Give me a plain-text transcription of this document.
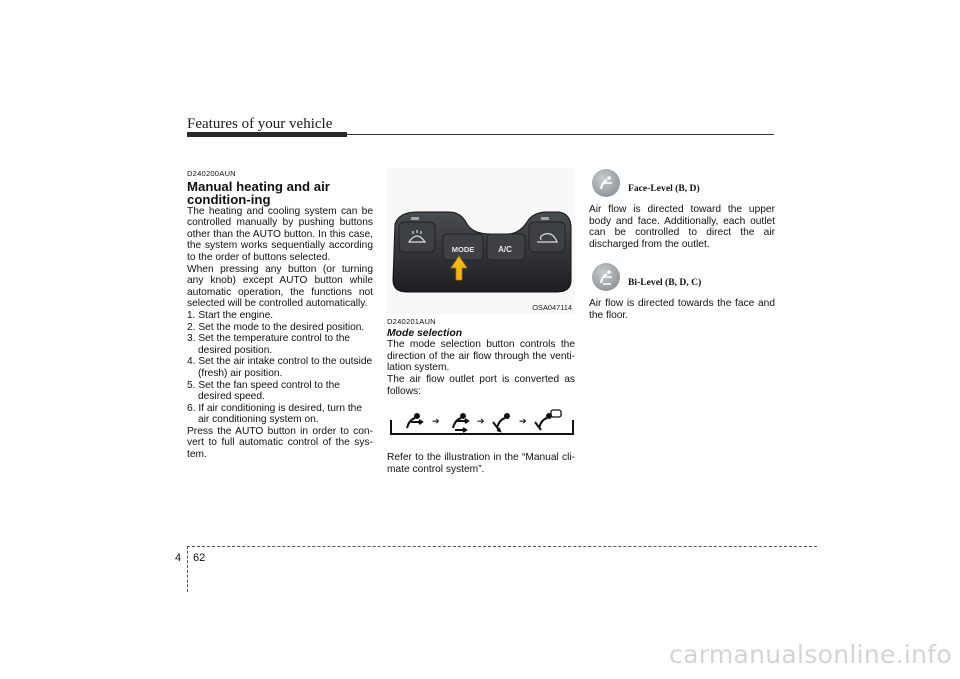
Features of your vehicle

D240200AUN

Manual heating and air condition-ing

The heating and cooling system can be controlled manually by pushing buttons other than the AUTO button. In this case, the system works sequentially according to the order of buttons selected.

When pressing any button (or turning any knob) except AUTO button while automatic operation, the functions not selected will be controlled automatically.

1. Start the engine.
2. Set the mode to the desired position.
3. Set the temperature control to the desired position.
4. Set the air intake control to the outside (fresh) air position.
5. Set the fan speed control to the desired speed.
6. If air conditioning is desired, turn the air conditioning system on.

Press the AUTO button in order to con-vert to full automatic control of the sys-tem.

MODE	A/C
OSA047114

D240201AUN

Mode selection

The mode selection button controls the direction of the air flow through the venti-lation system.

The air flow outlet port is converted as follows:

➔	➔	➔

Refer to the illustration in the “Manual cli-mate control system”.

Face-Level (B, D)

Air flow is directed toward the upper body and face. Additionally, each outlet can be controlled to direct the air discharged from the outlet.

Bi-Level (B, D, C)

Air flow is directed towards the face and the floor.

4 62
carmanualsonline.info
